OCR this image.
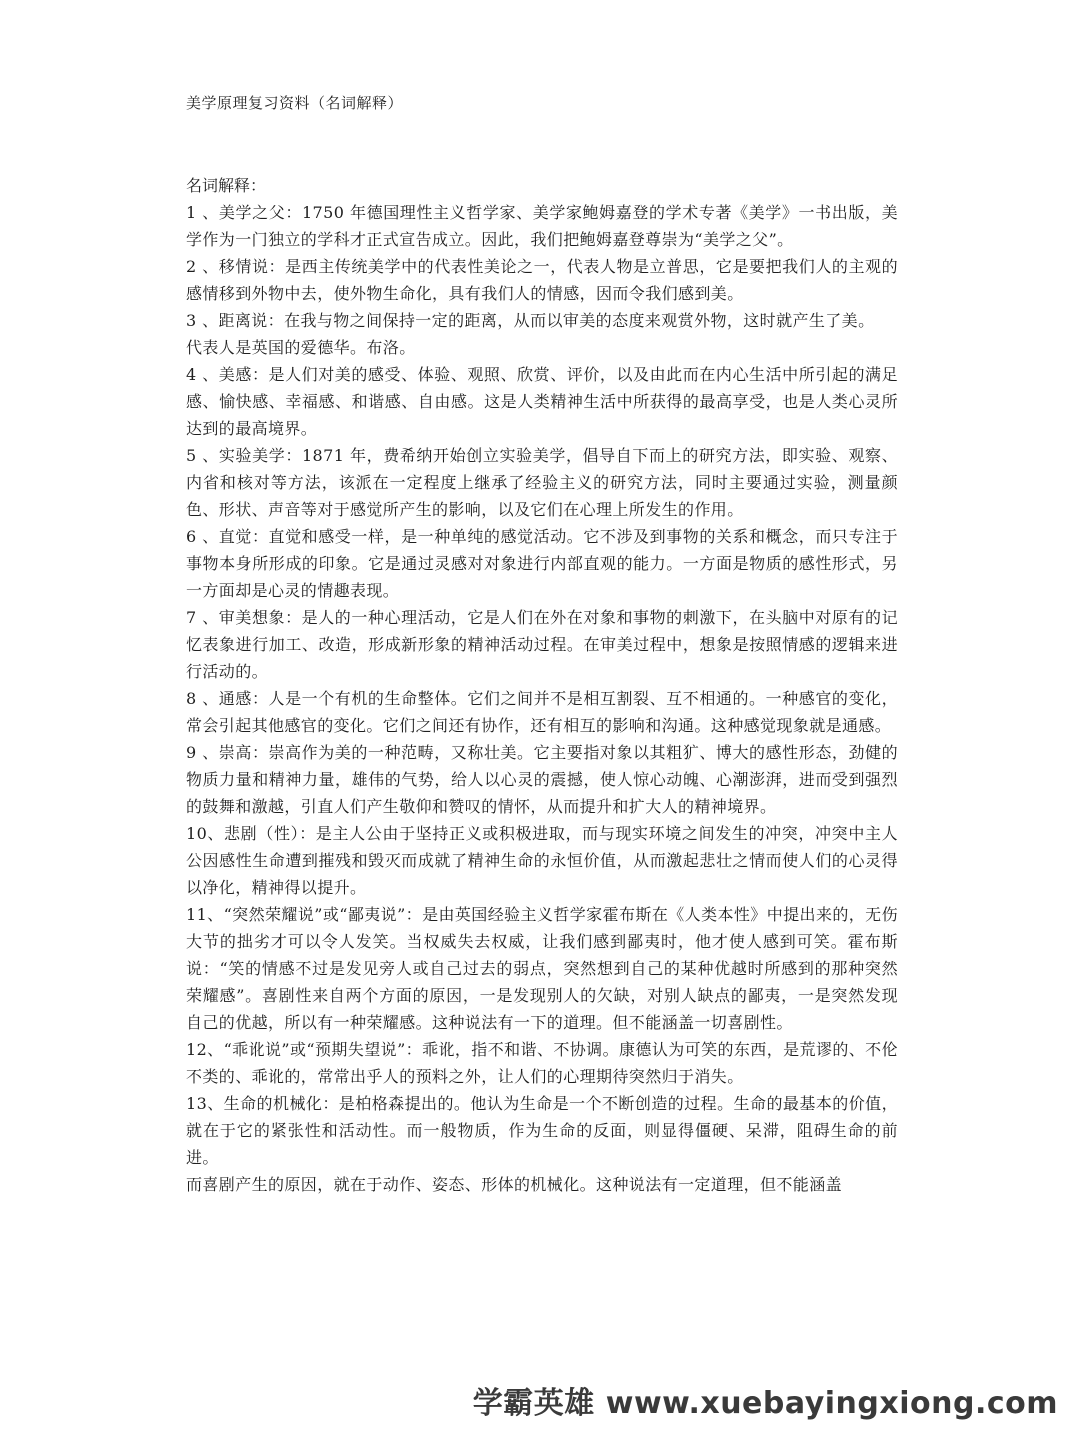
美学原理复习资料（名词解释）

名词解释：

1 、美学之父：1750 年德国理性主义哲学家、美学家鲍姆嘉登的学术专著《美学》一书出版，美学作为一门独立的学科才正式宣告成立。因此，我们把鲍姆嘉登尊崇为“美学之父”。

2 、移情说：是西主传统美学中的代表性美论之一，代表人物是立普思，它是要把我们人的主观的感情移到外物中去，使外物生命化，具有我们人的情感，因而令我们感到美。

3 、距离说：在我与物之间保持一定的距离，从而以审美的态度来观赏外物，这时就产生了美。

代表人是英国的爱德华。布洛。

4 、美感：是人们对美的感受、体验、观照、欣赏、评价，以及由此而在内心生活中所引起的满足感、愉快感、幸福感、和谐感、自由感。这是人类精神生活中所获得的最高享受，也是人类心灵所达到的最高境界。

5 、实验美学：1871 年，费希纳开始创立实验美学，倡导自下而上的研究方法，即实验、观察、内省和核对等方法，该派在一定程度上继承了经验主义的研究方法，同时主要通过实验，测量颜色、形状、声音等对于感觉所产生的影响，以及它们在心理上所发生的作用。

6 、直觉：直觉和感受一样，是一种单纯的感觉活动。它不涉及到事物的关系和概念，而只专注于事物本身所形成的印象。它是通过灵感对对象进行内部直观的能力。一方面是物质的感性形式，另一方面却是心灵的情趣表现。

7 、审美想象：是人的一种心理活动，它是人们在外在对象和事物的刺激下，在头脑中对原有的记忆表象进行加工、改造，形成新形象的精神活动过程。在审美过程中，想象是按照情感的逻辑来进行活动的。

8 、通感：人是一个有机的生命整体。它们之间并不是相互割裂、互不相通的。一种感官的变化，常会引起其他感官的变化。它们之间还有协作，还有相互的影响和沟通。这种感觉现象就是通感。

9 、崇高：崇高作为美的一种范畴，又称壮美。它主要指对象以其粗犷、博大的感性形态，劲健的物质力量和精神力量，雄伟的气势，给人以心灵的震撼，使人惊心动魄、心潮澎湃，进而受到强烈的鼓舞和激越，引直人们产生敬仰和赞叹的情怀，从而提升和扩大人的精神境界。

10、悲剧（性）：是主人公由于坚持正义或积极进取，而与现实环境之间发生的冲突，冲突中主人公因感性生命遭到摧残和毁灭而成就了精神生命的永恒价值，从而激起悲壮之情而使人们的心灵得以净化，精神得以提升。

11、“突然荣耀说”或“鄙夷说”：是由英国经验主义哲学家霍布斯在《人类本性》中提出来的，无伤大节的拙劣才可以令人发笑。当权威失去权威，让我们感到鄙夷时，他才使人感到可笑。霍布斯说：“笑的情感不过是发见旁人或自己过去的弱点，突然想到自己的某种优越时所感到的那种突然荣耀感”。喜剧性来自两个方面的原因，一是发现别人的欠缺，对别人缺点的鄙夷，一是突然发现自己的优越，所以有一种荣耀感。这种说法有一下的道理。但不能涵盖一切喜剧性。

12、“乖讹说”或“预期失望说”：乖讹，指不和谐、不协调。康德认为可笑的东西，是荒谬的、不伦不类的、乖讹的，常常出乎人的预料之外，让人们的心理期待突然归于消失。

13、生命的机械化：是柏格森提出的。他认为生命是一个不断创造的过程。生命的最基本的价值，就在于它的紧张性和活动性。而一般物质，作为生命的反面，则显得僵硬、呆滞，阻碍生命的前进。

而喜剧产生的原因，就在于动作、姿态、形体的机械化。这种说法有一定道理，但不能涵盖

学霸英雄 www.xuebayingxiong.com
